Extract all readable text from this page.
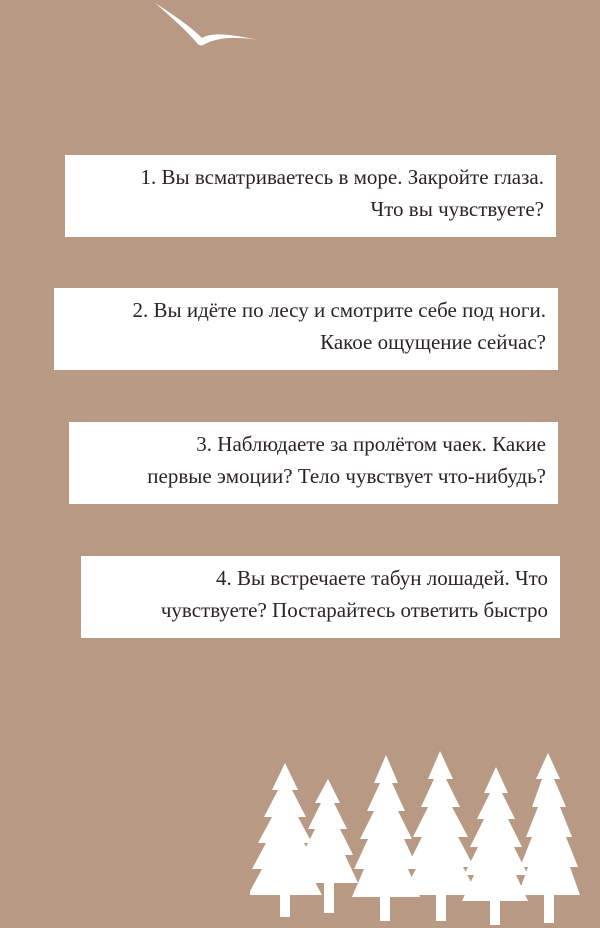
1. Вы всматриваетесь в море. Закройте глаза.
Что вы чувствуете?
2. Вы идёте по лесу и смотрите себе под ноги.
Какое ощущение сейчас?
3. Наблюдаете за пролётом чаек. Какие
первые эмоции? Тело чувствует что-нибудь?
4. Вы встречаете табун лошадей. Что
чувствуете? Постарайтесь ответить быстро
